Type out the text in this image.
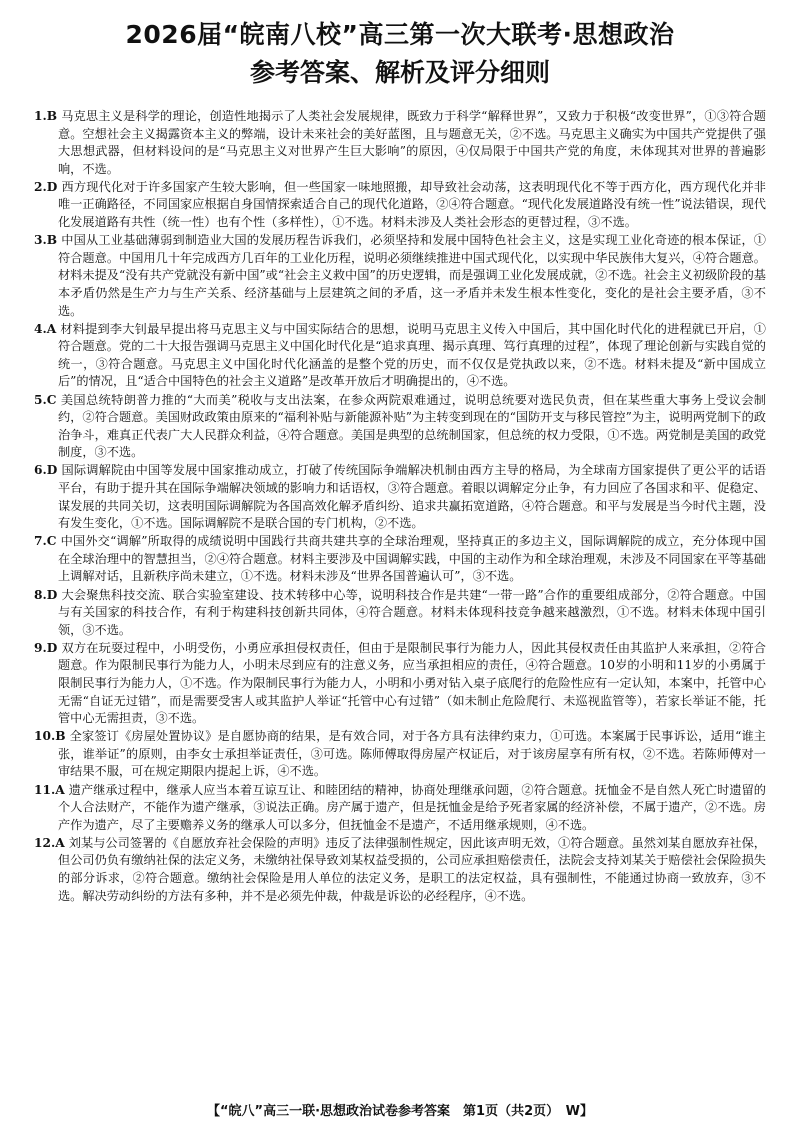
2026届“皖南八校”高三第一次大联考·思想政治
参考答案、解析及评分细则

1.B 马克思主义是科学的理论，创造性地揭示了人类社会发展规律，既致力于科学“解释世界”，又致力于积极“改变世界”，①③符合题意。空想社会主义揭露资本主义的弊端，设计未来社会的美好蓝图，且与题意无关，②不选。马克思主义确实为中国共产党提供了强大思想武器，但材料设问的是“马克思主义对世界产生巨大影响”的原因，④仅局限于中国共产党的角度，未体现其对世界的普遍影响，不选。

2.D 西方现代化对于许多国家产生较大影响，但一些国家一味地照搬，却导致社会动荡，这表明现代化不等于西方化，西方现代化并非唯一正确路径，不同国家应根据自身国情探索适合自己的现代化道路，②④符合题意。“现代化发展道路没有统一性”说法错误，现代化发展道路有共性（统一性）也有个性（多样性），①不选。材料未涉及人类社会形态的更替过程，③不选。

3.B 中国从工业基础薄弱到制造业大国的发展历程告诉我们，必须坚持和发展中国特色社会主义，这是实现工业化奇迹的根本保证，①符合题意。中国用几十年完成西方几百年的工业化历程，说明必须继续推进中国式现代化，以实现中华民族伟大复兴，④符合题意。材料未提及“没有共产党就没有新中国”或“社会主义救中国”的历史逻辑，而是强调工业化发展成就，②不选。社会主义初级阶段的基本矛盾仍然是生产力与生产关系、经济基础与上层建筑之间的矛盾，这一矛盾并未发生根本性变化，变化的是社会主要矛盾，③不选。

4.A 材料提到李大钊最早提出将马克思主义与中国实际结合的思想，说明马克思主义传入中国后，其中国化时代化的进程就已开启，①符合题意。党的二十大报告强调马克思主义中国化时代化是“追求真理、揭示真理、笃行真理的过程”，体现了理论创新与实践自觉的统一，③符合题意。马克思主义中国化时代化涵盖的是整个党的历史，而不仅仅是党执政以来，②不选。材料未提及“新中国成立后”的情况，且“适合中国特色的社会主义道路”是改革开放后才明确提出的，④不选。

5.C 美国总统特朗普力推的“大而美”税收与支出法案，在参众两院艰难通过，说明总统要对选民负责，但在某些重大事务上受议会制约，②符合题意。美国财政政策由原来的“福利补贴与新能源补贴”为主转变到现在的“国防开支与移民管控”为主，说明两党制下的政治争斗，难真正代表广大人民群众利益，④符合题意。美国是典型的总统制国家，但总统的权力受限，①不选。两党制是美国的政党制度，③不选。

6.D 国际调解院由中国等发展中国家推动成立，打破了传统国际争端解决机制由西方主导的格局，为全球南方国家提供了更公平的话语平台，有助于提升其在国际争端解决领域的影响力和话语权，③符合题意。着眼以调解定分止争，有力回应了各国求和平、促稳定、谋发展的共同关切，这表明国际调解院为各国高效化解矛盾纠纷、追求共赢拓宽道路，④符合题意。和平与发展是当今时代主题，没有发生变化，①不选。国际调解院不是联合国的专门机构，②不选。

7.C 中国外交“调解”所取得的成绩说明中国践行共商共建共享的全球治理观，坚持真正的多边主义，国际调解院的成立，充分体现中国在全球治理中的智慧担当，②④符合题意。材料主要涉及中国调解实践，中国的主动作为和全球治理观，未涉及不同国家在平等基础上调解对话，且新秩序尚未建立，①不选。材料未涉及“世界各国普遍认可”，③不选。

8.D 大会聚焦科技交流、联合实验室建设、技术转移中心等，说明科技合作是共建“一带一路”合作的重要组成部分，②符合题意。中国与有关国家的科技合作，有利于构建科技创新共同体，④符合题意。材料未体现科技竞争越来越激烈，①不选。材料未体现中国引领，③不选。

9.D 双方在玩耍过程中，小明受伤，小勇应承担侵权责任，但由于是限制民事行为能力人，因此其侵权责任由其监护人来承担，②符合题意。作为限制民事行为能力人，小明未尽到应有的注意义务，应当承担相应的责任，④符合题意。10岁的小明和11岁的小勇属于限制民事行为能力人，①不选。作为限制民事行为能力人，小明和小勇对钻入桌子底爬行的危险性应有一定认知，本案中，托管中心无需“自证无过错”，而是需要受害人或其监护人举证“托管中心有过错”（如未制止危险爬行、未巡视监管等），若家长举证不能，托管中心无需担责，③不选。

10.B 全家签订《房屋处置协议》是自愿协商的结果，是有效合同，对于各方具有法律约束力，①可选。本案属于民事诉讼，适用“谁主张，谁举证”的原则，由李女士承担举证责任，③可选。陈师傅取得房屋产权证后，对于该房屋享有所有权，②不选。若陈师傅对一审结果不服，可在规定期限内提起上诉，④不选。

11.A 遗产继承过程中，继承人应当本着互谅互让、和睦团结的精神，协商处理继承问题，②符合题意。抚恤金不是自然人死亡时遗留的个人合法财产，不能作为遗产继承，③说法正确。房产属于遗产，但是抚恤金是给予死者家属的经济补偿，不属于遗产，②不选。房产作为遗产，尽了主要赡养义务的继承人可以多分，但抚恤金不是遗产，不适用继承规则，④不选。

12.A 刘某与公司签署的《自愿放弃社会保险的声明》违反了法律强制性规定，因此该声明无效，①符合题意。虽然刘某自愿放弃社保，但公司仍负有缴纳社保的法定义务，未缴纳社保导致刘某权益受损的，公司应承担赔偿责任，法院会支持刘某关于赔偿社会保险损失的部分诉求，②符合题意。缴纳社会保险是用人单位的法定义务，是职工的法定权益，具有强制性，不能通过协商一致放弃，③不选。解决劳动纠纷的方法有多种，并不是必须先仲裁，仲裁是诉讼的必经程序，④不选。

【“皖八”高三一联·思想政治试卷参考答案　第1页（共2页）　W】
